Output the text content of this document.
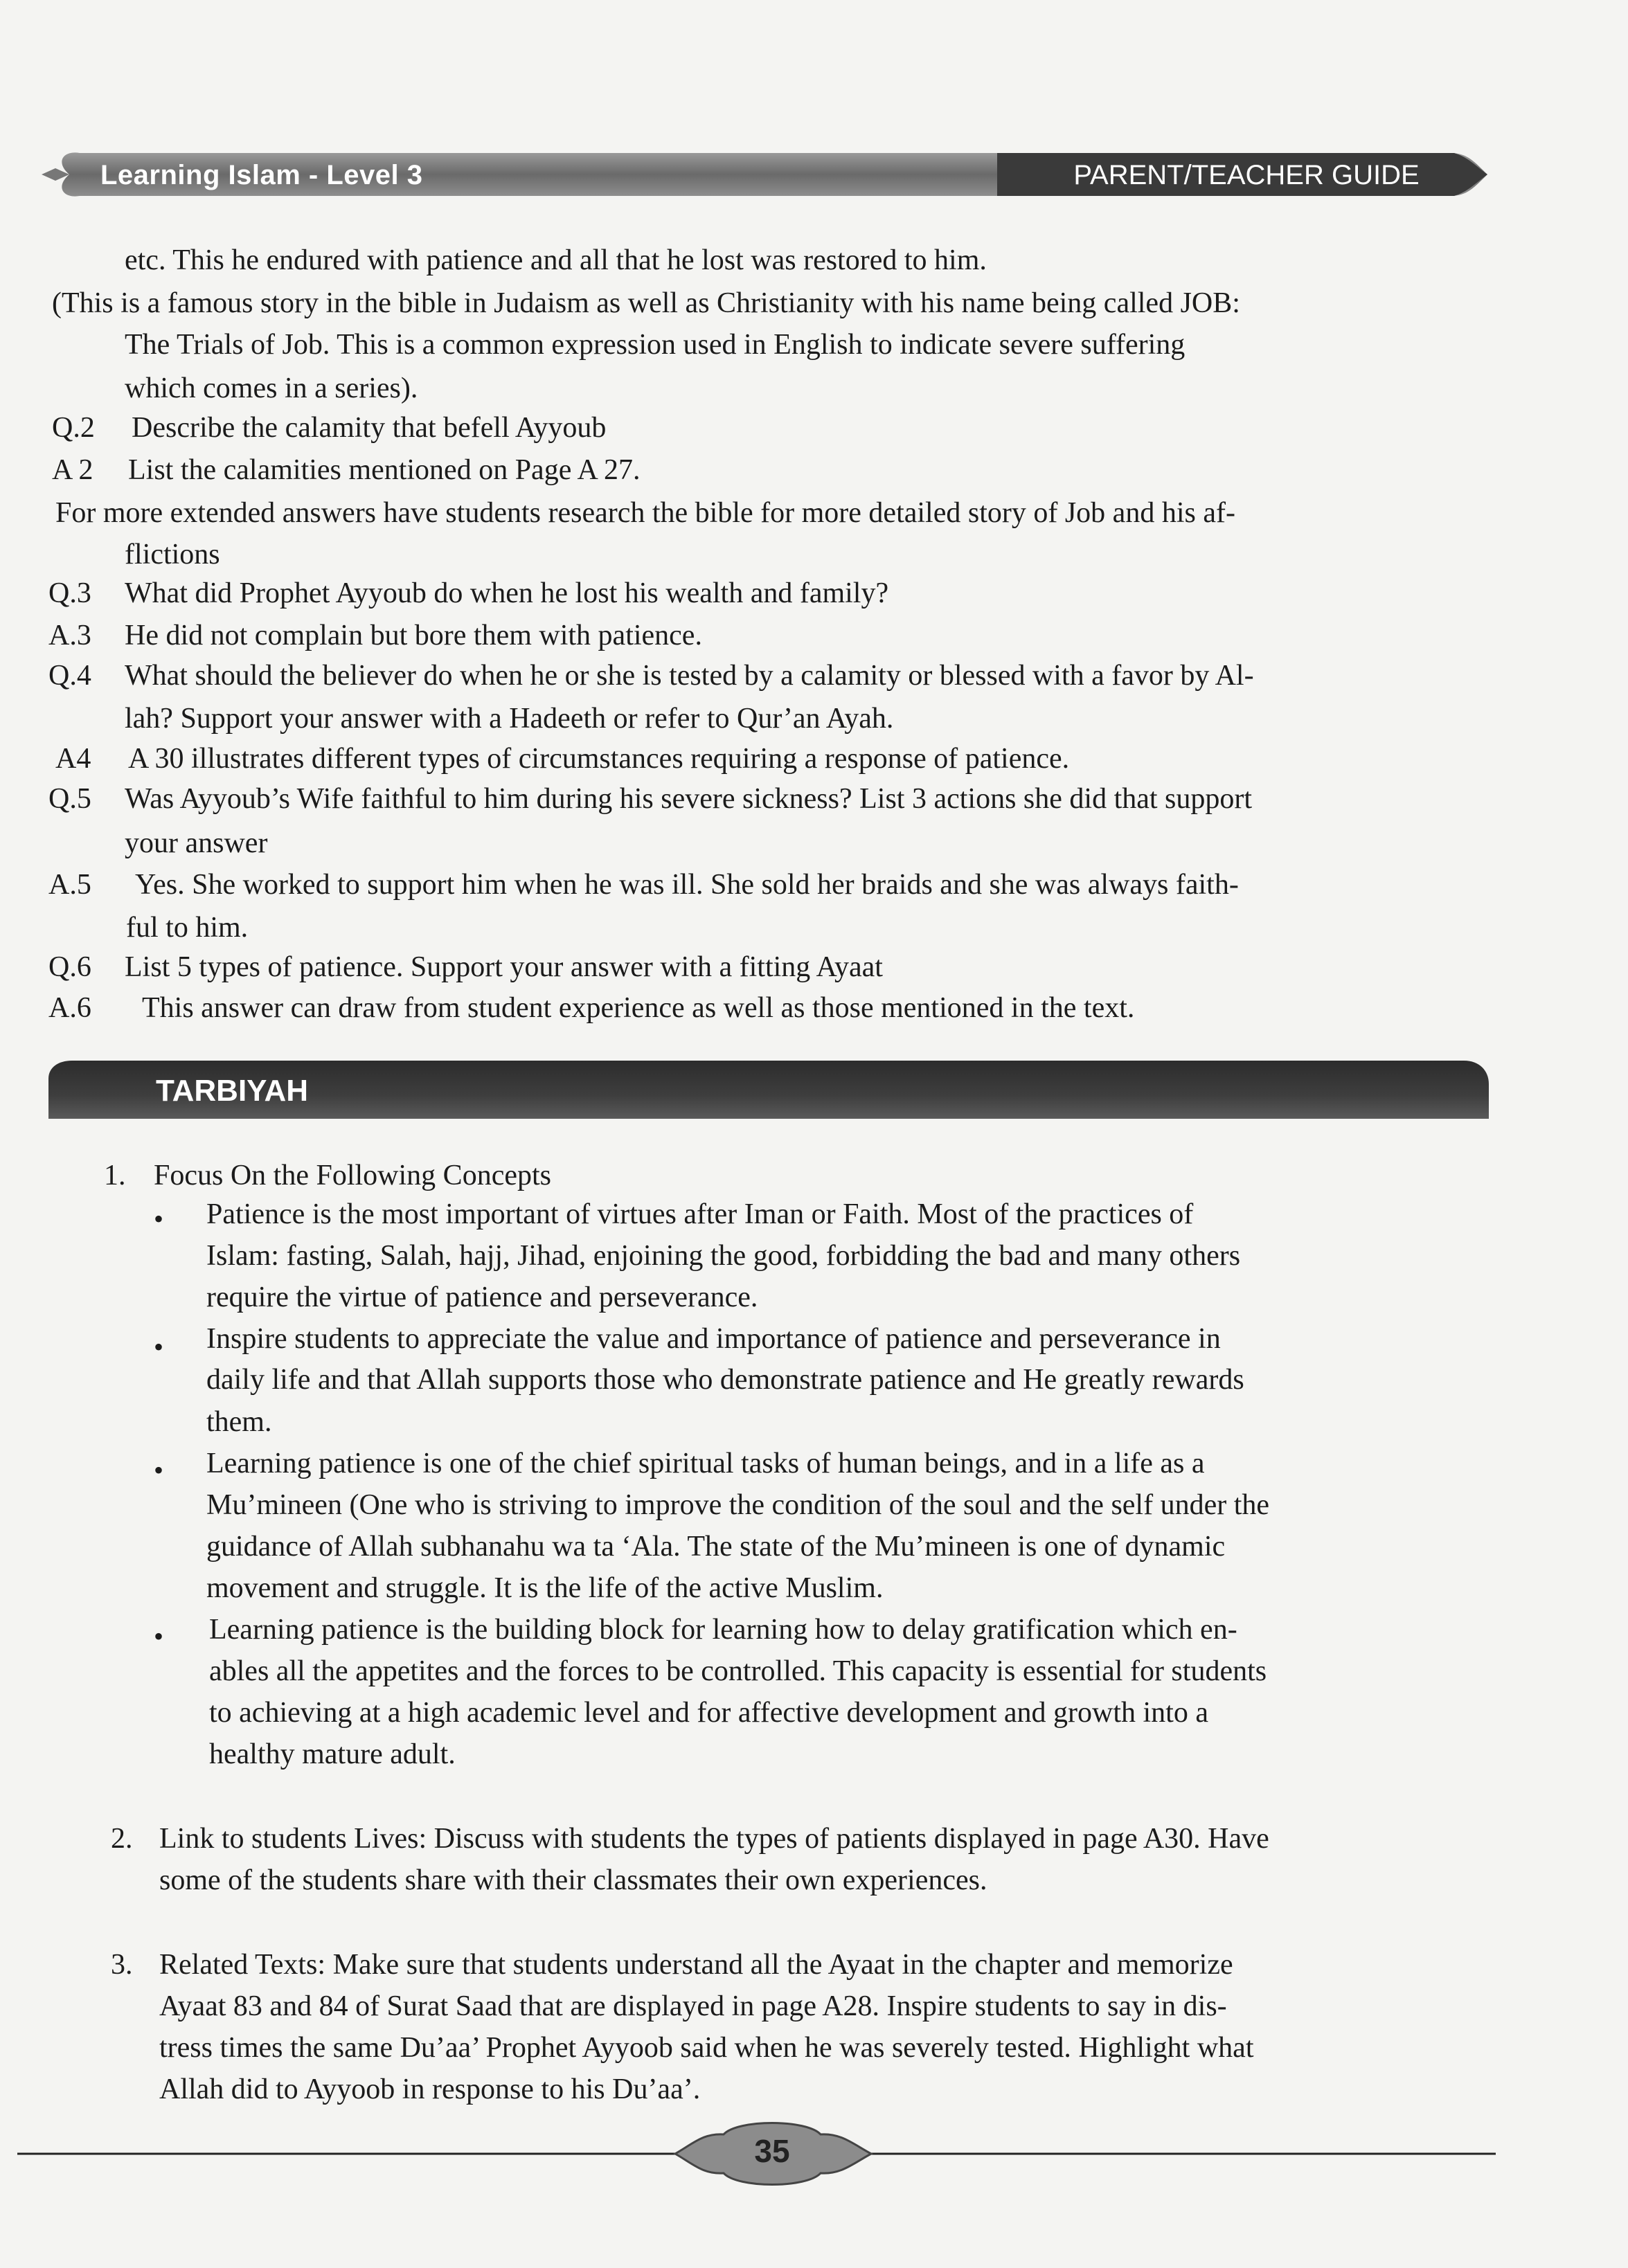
Learning Islam - Level 3	PARENT/TEACHER GUIDE
etc. This he endured with patience and all that he lost was restored to him.
(This is a famous story in the bible in Judaism as well as Christianity with his name being called JOB:
The Trials of Job. This is a common expression used in English to indicate severe suffering
which comes in a series).
Q.2 Describe the calamity that befell Ayyoub
A 2 List the calamities mentioned on Page A 27.
For more extended answers have students research the bible for more detailed story of Job and his af-
flictions
Q.3 What did Prophet Ayyoub do when he lost his wealth and family?
A.3 He did not complain but bore them with patience.
Q.4 What should the believer do when he or she is tested by a calamity or blessed with a favor by Al-
lah? Support your answer with a Hadeeth or refer to Qur’an Ayah.
A4 A 30 illustrates different types of circumstances requiring a response of patience.
Q.5 Was Ayyoub’s Wife faithful to him during his severe sickness? List 3 actions she did that support
your answer
A.5 Yes. She worked to support him when he was ill. She sold her braids and she was always faith-
ful to him.
Q.6 List 5 types of patience. Support your answer with a fitting Ayaat
A.6 This answer can draw from student experience as well as those mentioned in the text.
TARBIYAH
1. Focus On the Following Concepts
• Patience is the most important of virtues after Iman or Faith. Most of the practices of
Islam: fasting, Salah, hajj, Jihad, enjoining the good, forbidding the bad and many others
require the virtue of patience and perseverance.
• Inspire students to appreciate the value and importance of patience and perseverance in
daily life and that Allah supports those who demonstrate patience and He greatly rewards
them.
• Learning patience is one of the chief spiritual tasks of human beings, and in a life as a
Mu’mineen (One who is striving to improve the condition of the soul and the self under the
guidance of Allah subhanahu wa ta ‘Ala. The state of the Mu’mineen is one of dynamic
movement and struggle. It is the life of the active Muslim.
• Learning patience is the building block for learning how to delay gratification which en-
ables all the appetites and the forces to be controlled. This capacity is essential for students
to achieving at a high academic level and for affective development and growth into a
healthy mature adult.
2. Link to students Lives: Discuss with students the types of patients displayed in page A30. Have
some of the students share with their classmates their own experiences.
3. Related Texts: Make sure that students understand all the Ayaat in the chapter and memorize
Ayaat 83 and 84 of Surat Saad that are displayed in page A28. Inspire students to say in dis-
tress times the same Du’aa’ Prophet Ayyoob said when he was severely tested. Highlight what
Allah did to Ayyoob in response to his Du’aa’.
35
